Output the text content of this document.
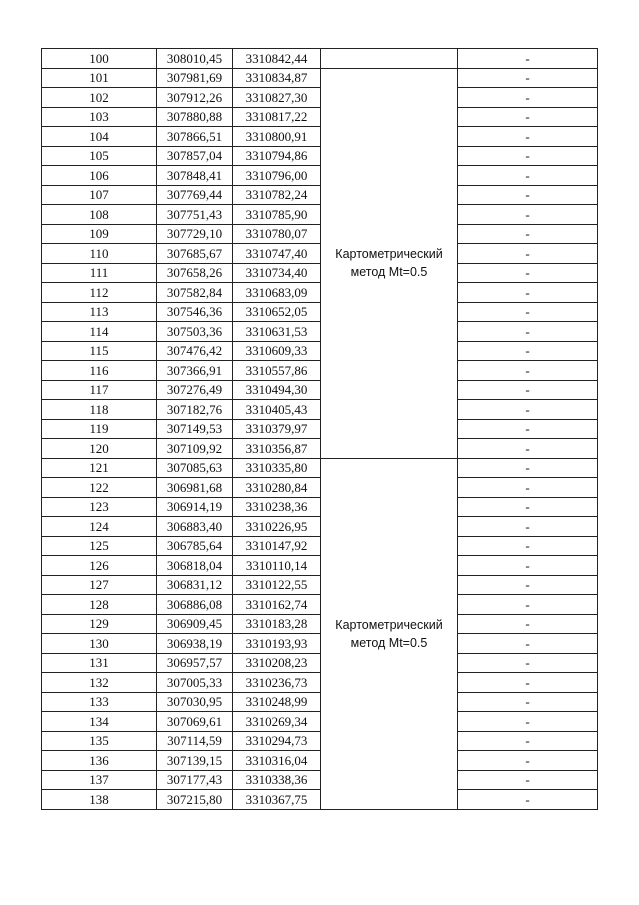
100	308010,45	3310842,44		-
101	307981,69	3310834,87	Картометрический метод Mt=0.5	-
102	307912,26	3310827,30		-
103	307880,88	3310817,22		-
104	307866,51	3310800,91		-
105	307857,04	3310794,86		-
106	307848,41	3310796,00		-
107	307769,44	3310782,24		-
108	307751,43	3310785,90		-
109	307729,10	3310780,07		-
110	307685,67	3310747,40		-
111	307658,26	3310734,40		-
112	307582,84	3310683,09		-
113	307546,36	3310652,05		-
114	307503,36	3310631,53		-
115	307476,42	3310609,33		-
116	307366,91	3310557,86		-
117	307276,49	3310494,30		-
118	307182,76	3310405,43		-
119	307149,53	3310379,97		-
120	307109,92	3310356,87		-
121	307085,63	3310335,80	Картометрический метод Mt=0.5	-
122	306981,68	3310280,84		-
123	306914,19	3310238,36		-
124	306883,40	3310226,95		-
125	306785,64	3310147,92		-
126	306818,04	3310110,14		-
127	306831,12	3310122,55		-
128	306886,08	3310162,74		-
129	306909,45	3310183,28		-
130	306938,19	3310193,93		-
131	306957,57	3310208,23		-
132	307005,33	3310236,73		-
133	307030,95	3310248,99		-
134	307069,61	3310269,34		-
135	307114,59	3310294,73		-
136	307139,15	3310316,04		-
137	307177,43	3310338,36		-
138	307215,80	3310367,75		-
